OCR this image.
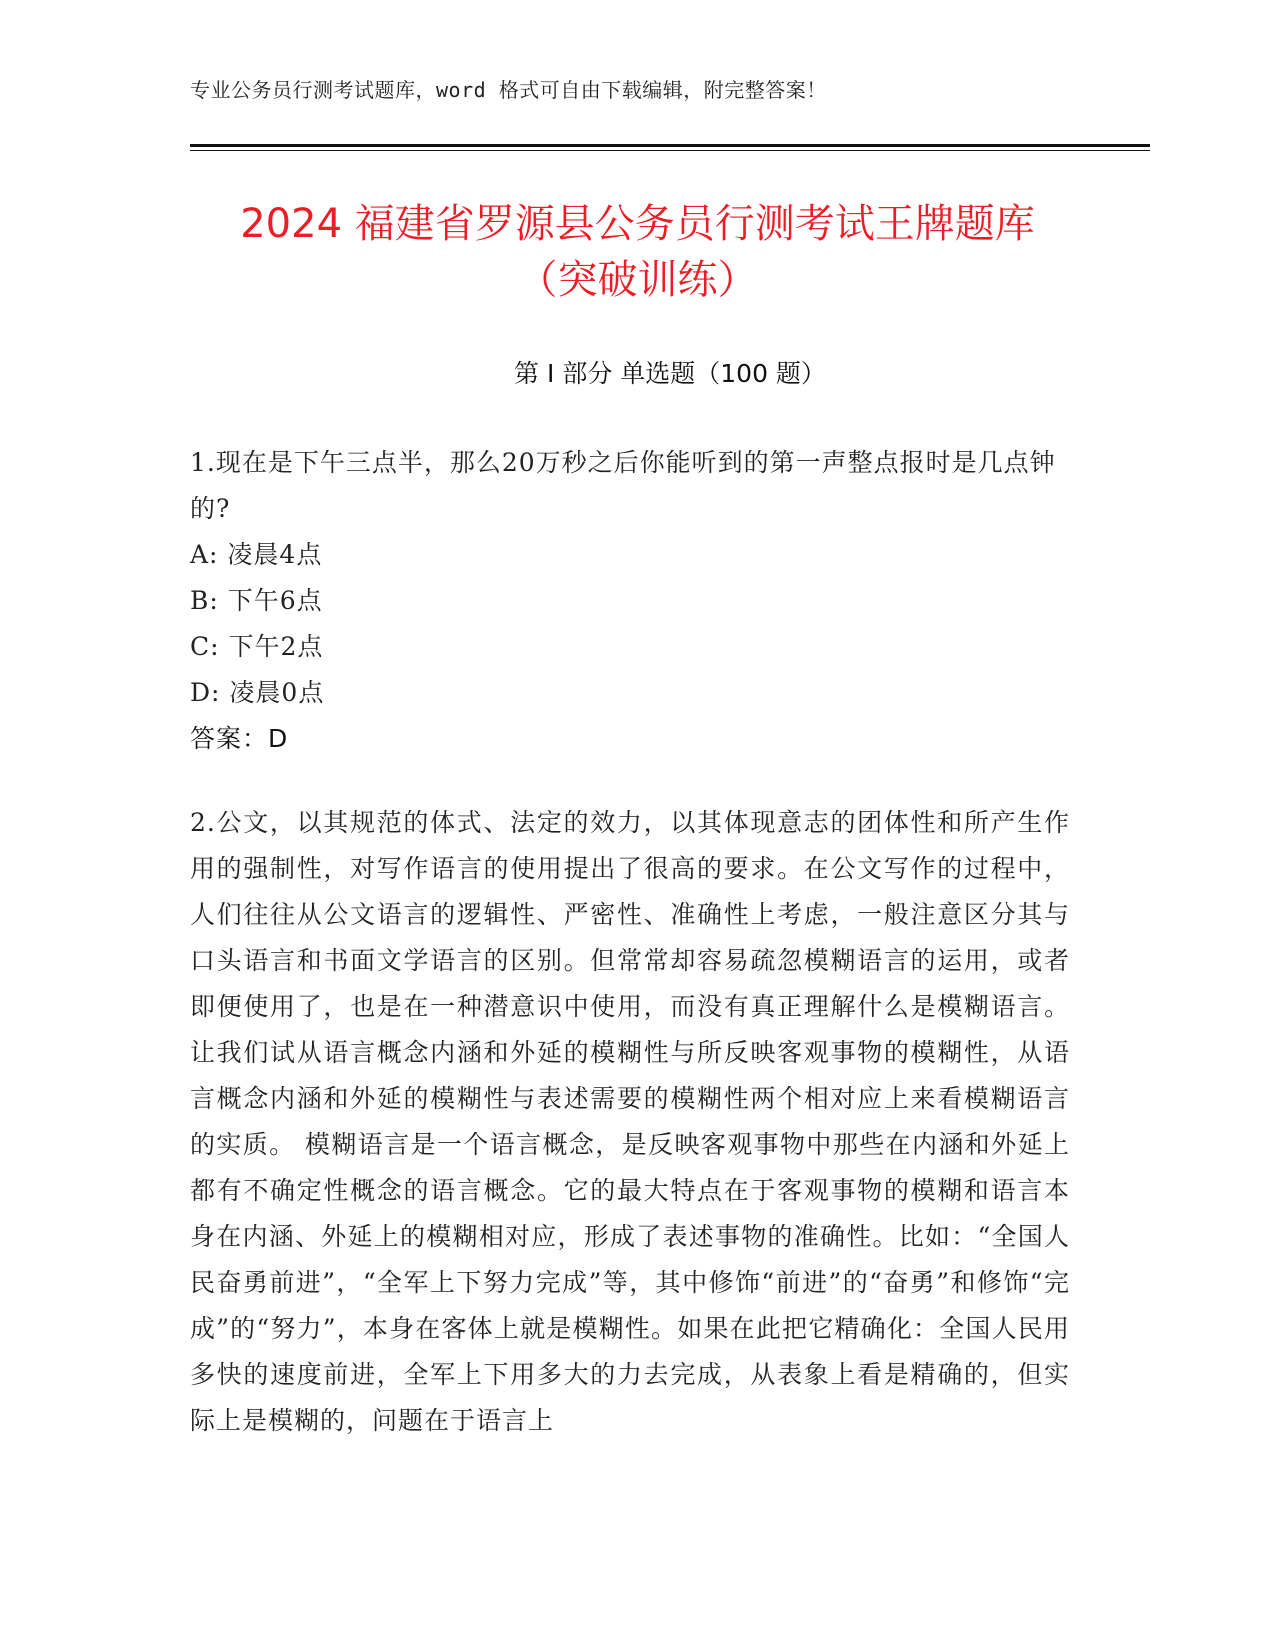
专业公务员行测考试题库，word 格式可自由下载编辑，附完整答案！
2024 福建省罗源县公务员行测考试王牌题库
（突破训练）
第 I 部分 单选题（100 题）

1.现在是下午三点半，那么20万秒之后你能听到的第一声整点报时是几点钟的?

A: 凌晨4点
B: 下午6点
C: 下午2点
D: 凌晨0点
答案：D

2.公文，以其规范的体式、法定的效力，以其体现意志的团体性和所产生作用的强制性，对写作语言的使用提出了很高的要求。在公文写作的过程中，人们往往从公文语言的逻辑性、严密性、准确性上考虑，一般注意区分其与口头语言和书面文学语言的区别。但常常却容易疏忽模糊语言的运用，或者即便使用了，也是在一种潜意识中使用，而没有真正理解什么是模糊语言。让我们试从语言概念内涵和外延的模糊性与所反映客观事物的模糊性，从语言概念内涵和外延的模糊性与表述需要的模糊性两个相对应上来看模糊语言的实质。 模糊语言是一个语言概念，是反映客观事物中那些在内涵和外延上都有不确定性概念的语言概念。它的最大特点在于客观事物的模糊和语言本身在内涵、外延上的模糊相对应，形成了表述事物的准确性。比如：“全国人民奋勇前进”，“全军上下努力完成”等，其中修饰“前进”的“奋勇”和修饰“完成”的“努力”，本身在客体上就是模糊性。如果在此把它精确化：全国人民用多快的速度前进，全军上下用多大的力去完成，从表象上看是精确的，但实际上是模糊的，问题在于语言上
